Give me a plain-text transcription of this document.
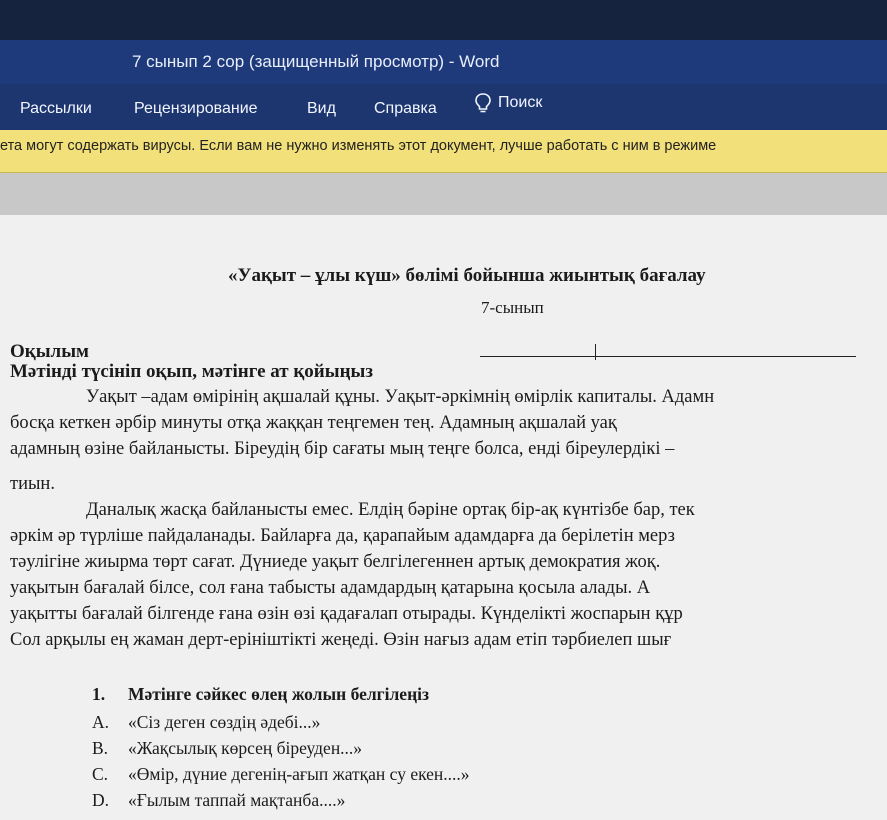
7 сынып 2 сор (защищенный просмотр) - Word
Рассылки	Рецензирование	Вид Справка	Поиск
ета могут содержать вирусы. Если вам не нужно изменять этот документ, лучше работать с ним в режиме
«Уақыт – ұлы күш» бөлімі бойынша жиынтық бағалау
7-сынып
Оқылым
Мәтінді түсініп оқып, мәтінге ат қойыңыз
Уақыт –адам өмірінің ақшалай құны. Уақыт-әркімнің өмірлік капиталы. Адамн
босқа кеткен әрбір минуты отқа жаққан теңгемен тең. Адамның ақшалай уақ
адамның өзіне байланысты. Біреудің бір сағаты мың теңге болса, енді біреулердікі –
тиын.
Даналық жасқа байланысты емес. Елдің бәріне ортақ бір-ақ күнтізбе бар, тек
әркім әр түрліше пайдаланады. Байларға да, қарапайым адамдарға да берілетін мерз
тәулігіне жиырма төрт сағат. Дүниеде уақыт белгілегеннен артық демократия жоқ.
уақытын бағалай білсе, сол ғана табысты адамдардың қатарына қосыла алады. А
уақытты бағалай білгенде ғана өзін өзі қадағалап отырады. Күнделікті жоспарын құр
Сол арқылы ең жаман дерт-ерініштікті жеңеді. Өзін нағыз адам етіп тәрбиелеп шығ
1. Мәтінге сәйкес өлең жолын белгілеңіз
A. «Сіз деген сөздің әдебі...»
B. «Жақсылық көрсең біреуден...»
C. «Өмір, дүние дегенің-ағып жатқан су екен....»
D. «Ғылым таппай мақтанба....»
